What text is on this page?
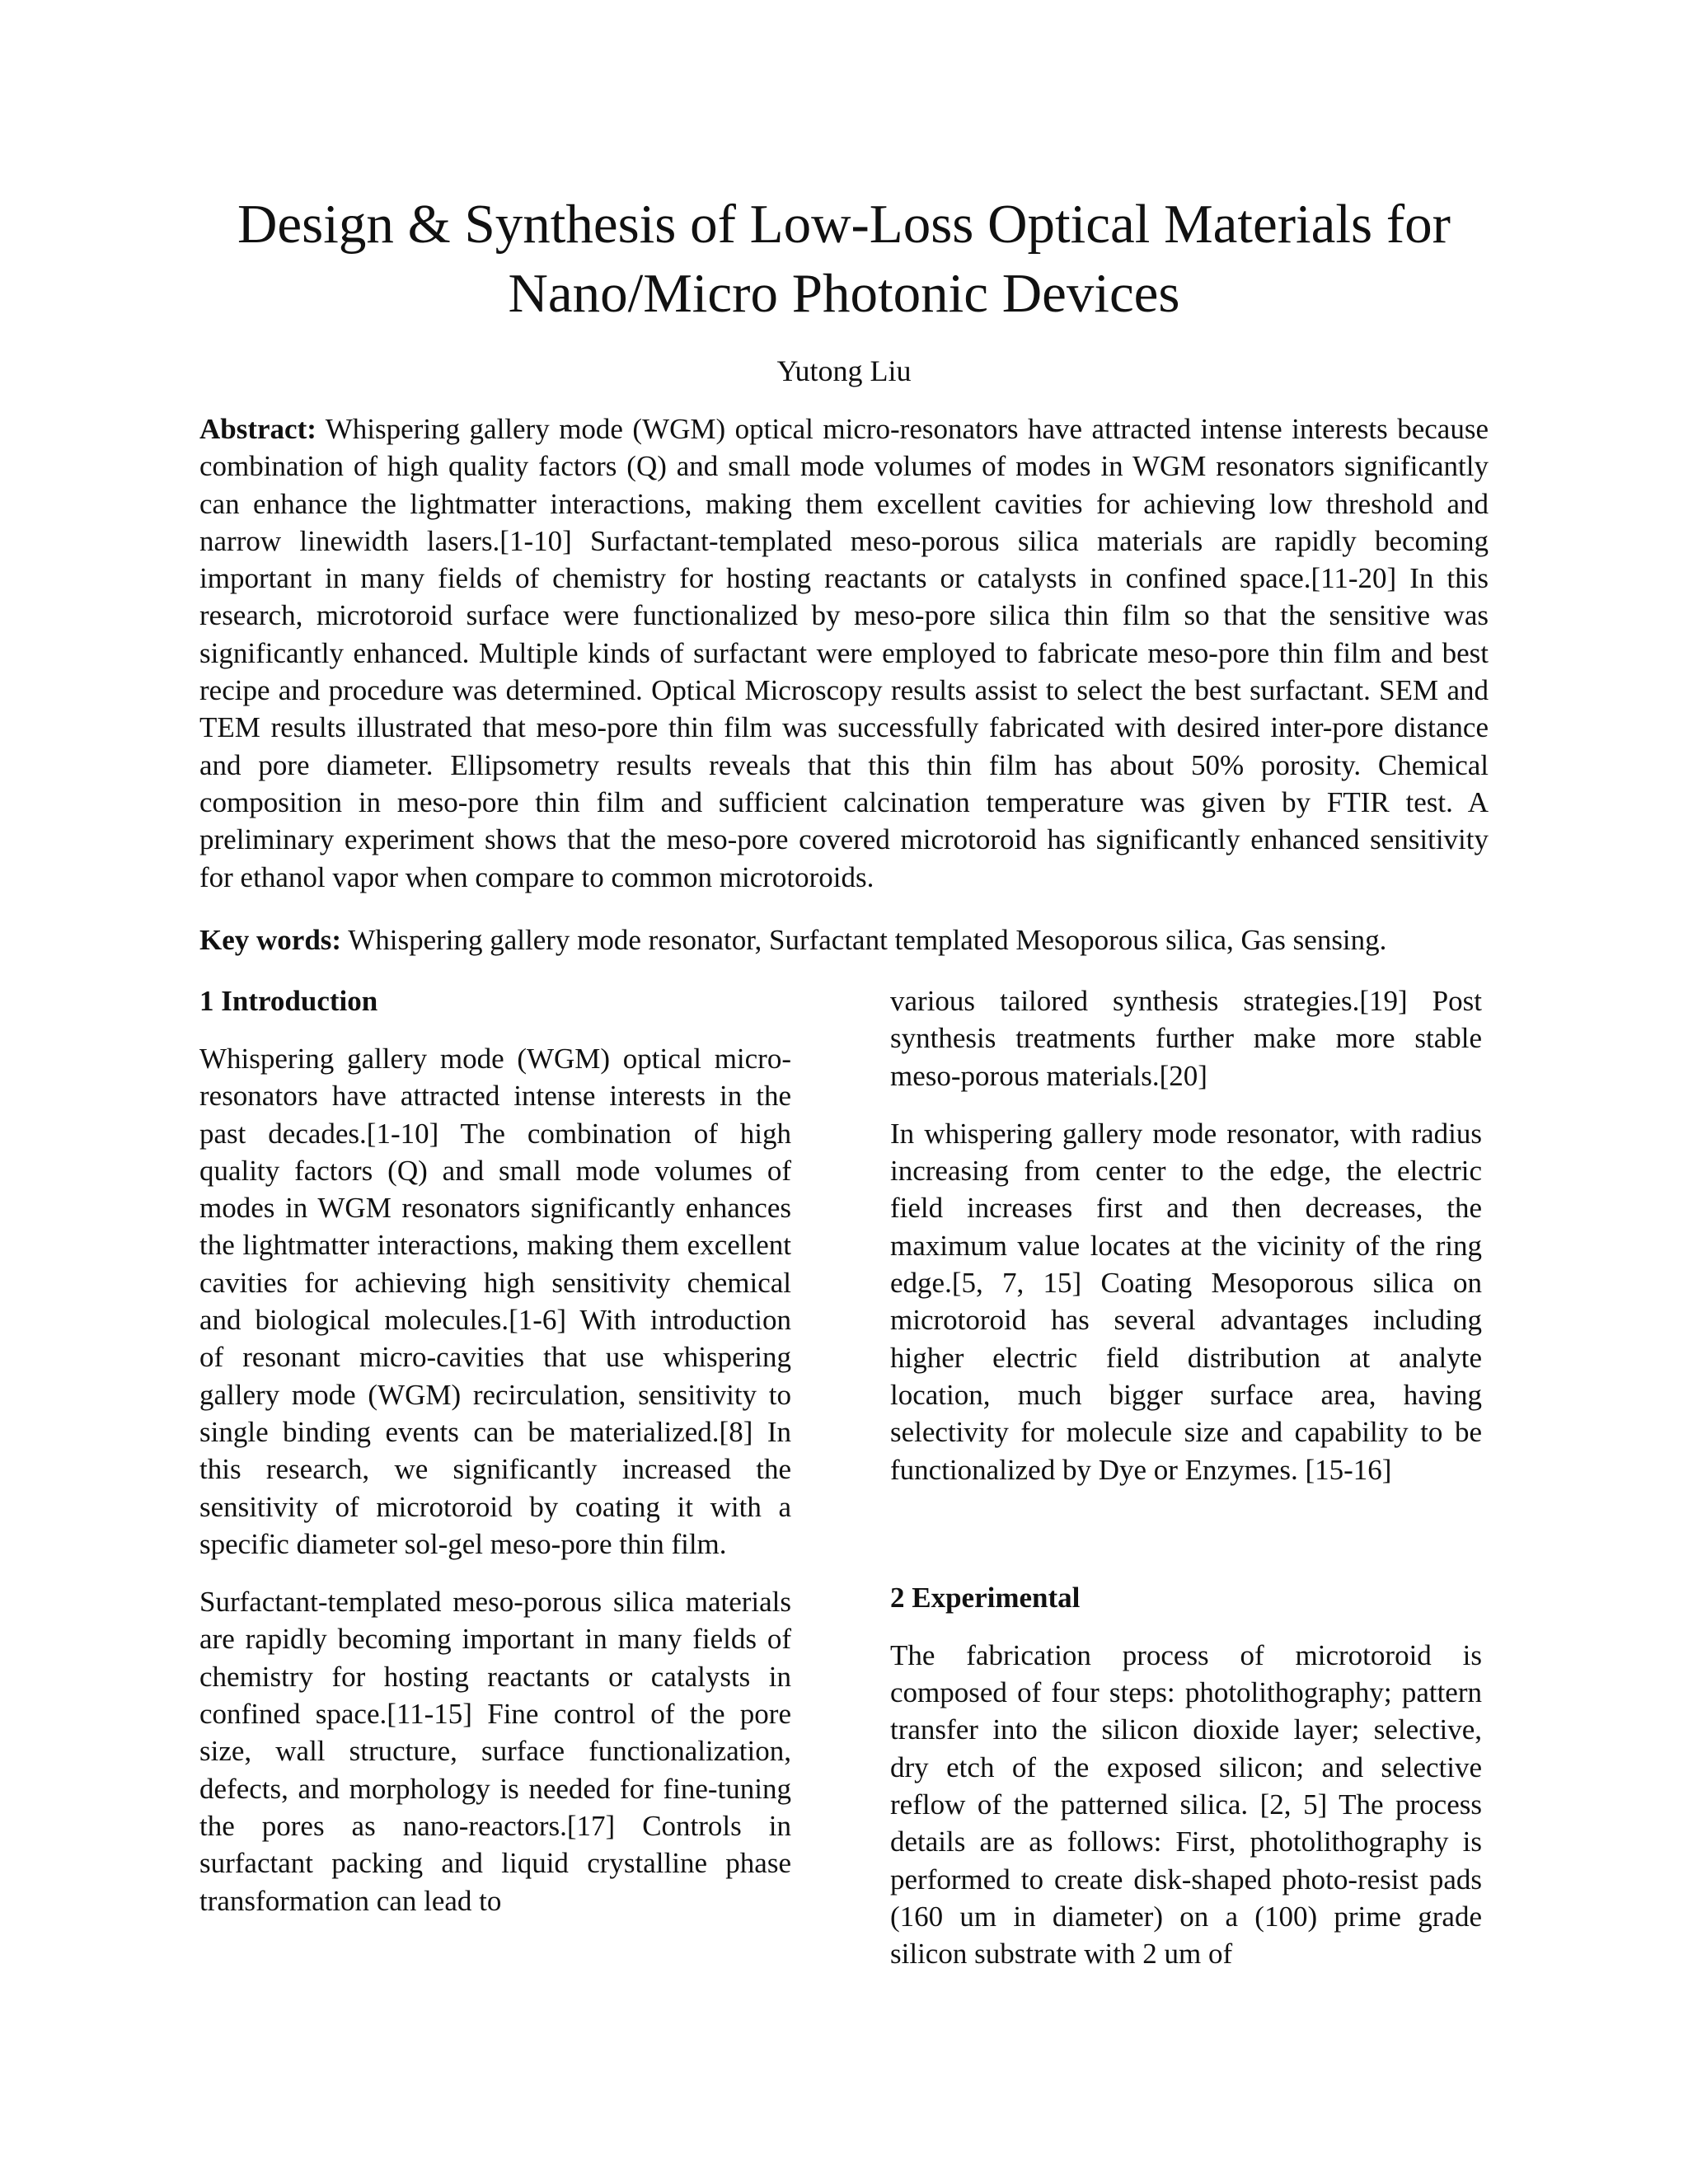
Design & Synthesis of Low-Loss Optical Materials for
Nano/Micro Photonic Devices
Yutong Liu

Abstract: Whispering gallery mode (WGM) optical micro-resonators have attracted intense interests because combination of high quality factors (Q) and small mode volumes of modes in WGM resonators significantly can enhance the lightmatter interactions, making them excellent cavities for achieving low threshold and narrow linewidth lasers.[1-10] Surfactant-templated meso-porous silica materials are rapidly becoming important in many fields of chemistry for hosting reactants or catalysts in confined space.[11-20] In this research, microtoroid surface were functionalized by meso-pore silica thin film so that the sensitive was significantly enhanced. Multiple kinds of surfactant were employed to fabricate meso-pore thin film and best recipe and procedure was determined. Optical Microscopy results assist to select the best surfactant. SEM and TEM results illustrated that meso-pore thin film was successfully fabricated with desired inter-pore distance and pore diameter. Ellipsometry results reveals that this thin film has about 50% porosity. Chemical composition in meso-pore thin film and sufficient calcination temperature was given by FTIR test. A preliminary experiment shows that the meso-pore covered microtoroid has significantly enhanced sensitivity for ethanol vapor when compare to common microtoroids.

Key words: Whispering gallery mode resonator, Surfactant templated Mesoporous silica, Gas sensing.

1 Introduction

Whispering gallery mode (WGM) optical micro-resonators have attracted intense interests in the past decades.[1-10] The combination of high quality factors (Q) and small mode volumes of modes in WGM resonators significantly enhances the lightmatter interactions, making them excellent cavities for achieving high sensitivity chemical and biological molecules.[1-6] With introduction of resonant micro-cavities that use whispering gallery mode (WGM) recirculation, sensitivity to single binding events can be materialized.[8] In this research, we significantly increased the sensitivity of microtoroid by coating it with a specific diameter sol-gel meso-pore thin film.

Surfactant-templated meso-porous silica materials are rapidly becoming important in many fields of chemistry for hosting reactants or catalysts in confined space.[11-15] Fine control of the pore size, wall structure, surface functionalization, defects, and morphology is needed for fine-tuning the pores as nano-reactors.[17] Controls in surfactant packing and liquid crystalline phase transformation can lead to

various tailored synthesis strategies.[19] Post synthesis treatments further make more stable meso-porous materials.[20]

In whispering gallery mode resonator, with radius increasing from center to the edge, the electric field increases first and then decreases, the maximum value locates at the vicinity of the ring edge.[5, 7, 15] Coating Mesoporous silica on microtoroid has several advantages including higher electric field distribution at analyte location, much bigger surface area, having selectivity for molecule size and capability to be functionalized by Dye or Enzymes. [15-16]

2 Experimental

The fabrication process of microtoroid is composed of four steps: photolithography; pattern transfer into the silicon dioxide layer; selective, dry etch of the exposed silicon; and selective reflow of the patterned silica. [2, 5] The process details are as follows: First, photolithography is performed to create disk-shaped photo-resist pads (160 um in diameter) on a (100) prime grade silicon substrate with 2 um of
